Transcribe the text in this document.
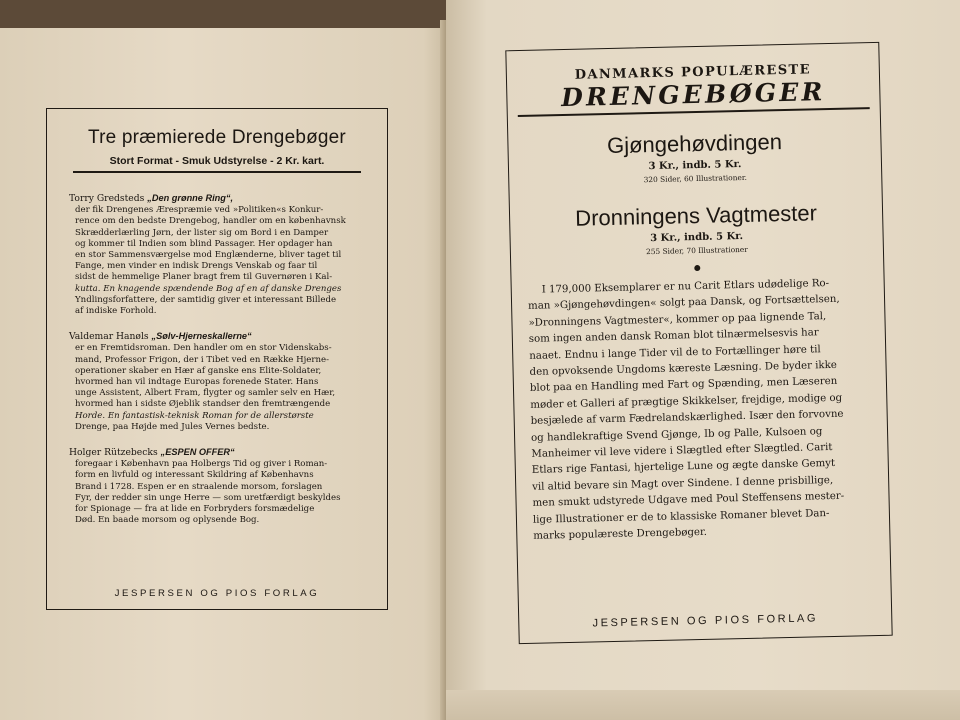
Tre præmierede Drengebøger
Stort Format - Smuk Udstyrelse - 2 Kr. kart.
Torry Gredsteds „Den grønne Ring“,
der fik Drengenes Ærespræmie ved »Politiken«s Konkur-
rence om den bedste Drengebog, handler om en københavnsk
Skrædderlærling Jørn, der lister sig om Bord i en Damper
og kommer til Indien som blind Passager. Her opdager han
en stor Sammensværgelse mod Englænderne, bliver taget til
Fange, men vinder en indisk Drengs Venskab og faar til
sidst de hemmelige Planer bragt frem til Guvernøren i Kal-
kutta. En knagende spændende Bog af en af danske Drenges
Yndlingsforfattere, der samtidig giver et interessant Billede
af indiske Forhold.
Valdemar Hanøls „Sølv-Hjerneskallerne“
er en Fremtidsroman. Den handler om en stor Videnskabs-
mand, Professor Frigon, der i Tibet ved en Række Hjerne-
operationer skaber en Hær af ganske ens Elite-Soldater,
hvormed han vil indtage Europas forenede Stater. Hans
unge Assistent, Albert Fram, flygter og samler selv en Hær,
hvormed han i sidste Øjeblik standser den fremtrængende
Horde. En fantastisk-teknisk Roman for de allerstørste
Drenge, paa Højde med Jules Vernes bedste.
Holger Rützebecks „ESPEN OFFER“
foregaar i København paa Holbergs Tid og giver i Roman-
form en livfuld og interessant Skildring af Københavns
Brand i 1728. Espen er en straalende morsom, forslagen
Fyr, der redder sin unge Herre — som uretfærdigt beskyldes
for Spionage — fra at lide en Forbryders forsmædelige
Død. En baade morsom og oplysende Bog.
JESPERSEN OG PIOS FORLAG
DANMARKS POPULÆRESTE
DRENGEBØGER
Gjøngehøvdingen
3 Kr., indb. 5 Kr.
320 Sider, 60 Illustrationer.
Dronningens Vagtmester
3 Kr., indb. 5 Kr.
255 Sider, 70 Illustrationer
I 179,000 Eksemplarer er nu Carit Etlars udødelige Ro-
man »Gjøngehøvdingen« solgt paa Dansk, og Fortsættelsen,
»Dronningens Vagtmester«, kommer op paa lignende Tal,
som ingen anden dansk Roman blot tilnærmelsesvis har
naaet. Endnu i lange Tider vil de to Fortællinger høre til
den opvoksende Ungdoms kæreste Læsning. De byder ikke
blot paa en Handling med Fart og Spænding, men Læseren
møder et Galleri af prægtige Skikkelser, frejdige, modige og
besjælede af varm Fædrelandskærlighed. Især den forvovne
og handlekraftige Svend Gjønge, Ib og Palle, Kulsoen og
Manheimer vil leve videre i Slægtled efter Slægtled. Carit
Etlars rige Fantasi, hjertelige Lune og ægte danske Gemyt
vil altid bevare sin Magt over Sindene. I denne prisbillige,
men smukt udstyrede Udgave med Poul Steffensens mester-
lige Illustrationer er de to klassiske Romaner blevet Dan-
marks populæreste Drengebøger.
JESPERSEN OG PIOS FORLAG
